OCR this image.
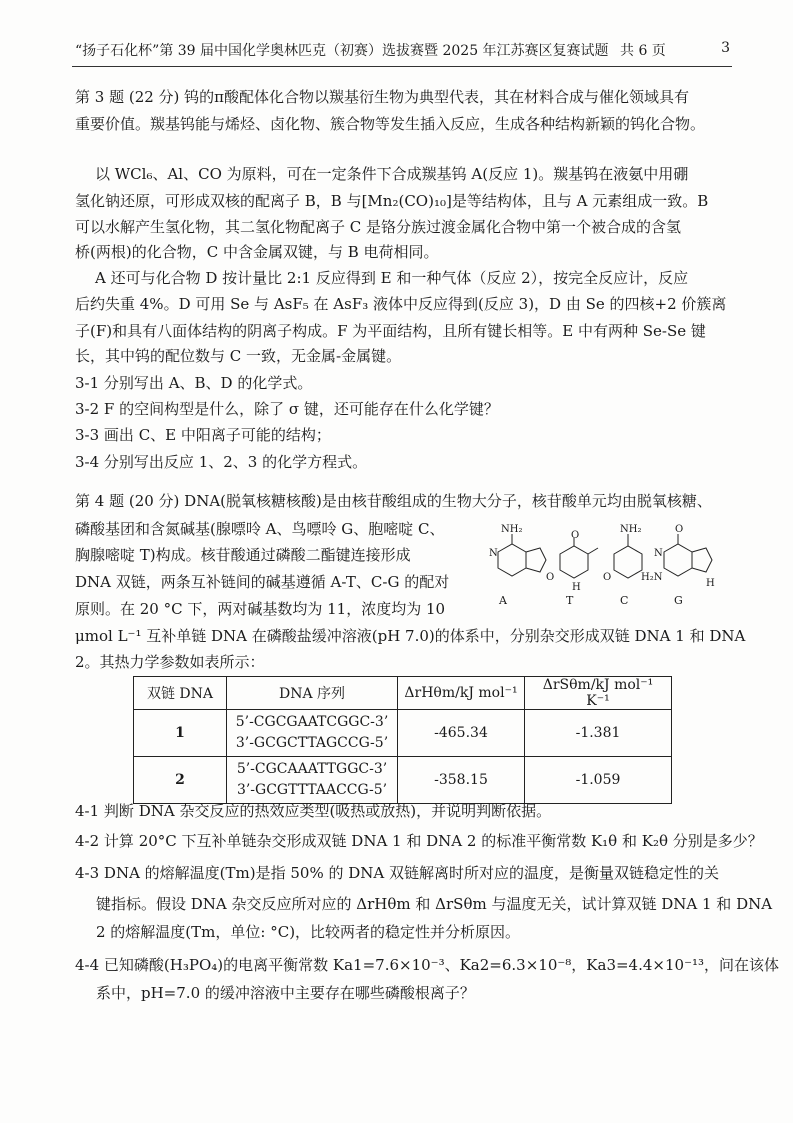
“扬子石化杯”第 39 届中国化学奥林匹克（初赛）选拔赛暨 2025 年江苏赛区复赛试题 共 6 页	3
第 3 题 (22 分) 钨的π酸配体化合物以羰基衍生物为典型代表，其在材料合成与催化领域具有
重要价值。羰基钨能与烯烃、卤化物、簇合物等发生插入反应，生成各种结构新颖的钨化合物。
以 WCl₆、Al、CO 为原料，可在一定条件下合成羰基钨 A(反应 1)。羰基钨在液氨中用硼
氢化钠还原，可形成双核的配离子 B，B 与[Mn₂(CO)₁₀]是等结构体，且与 A 元素组成一致。B
可以水解产生氢化物，其二氢化物配离子 C 是铬分族过渡金属化合物中第一个被合成的含氢
桥(两根)的化合物，C 中含金属双键，与 B 电荷相同。
A 还可与化合物 D 按计量比 2:1 反应得到 E 和一种气体（反应 2），按完全反应计，反应
后约失重 4%。D 可用 Se 与 AsF₅ 在 AsF₃ 液体中反应得到(反应 3)，D 由 Se 的四核+2 价簇离
子(F)和具有八面体结构的阴离子构成。F 为平面结构，且所有键长相等。E 中有两种 Se-Se 键
长，其中钨的配位数与 C 一致，无金属-金属键。
3-1 分别写出 A、B、D 的化学式。
3-2 F 的空间构型是什么，除了 σ 键，还可能存在什么化学键？
3-3 画出 C、E 中阳离子可能的结构；
3-4 分别写出反应 1、2、3 的化学方程式。
第 4 题 (20 分) DNA(脱氧核糖核酸)是由核苷酸组成的生物大分子，核苷酸单元均由脱氧核糖、
磷酸基团和含氮碱基(腺嘌呤 A、鸟嘌呤 G、胞嘧啶 C、
胸腺嘧啶 T)构成。核苷酸通过磷酸二酯键连接形成
DNA 双链，两条互补链间的碱基遵循 A-T、C-G 的配对
原则。在 20 °C 下，两对碱基数均为 11，浓度均为 10
μmol L⁻¹ 互补单链 DNA 在磷酸盐缓冲溶液(pH 7.0)的体系中，分别杂交形成双链 DNA 1 和 DNA
2。其热力学参数如表所示：
NH₂	NH₂
O
O
O	O
N	N
H	H
H₂N
A	T	C	G
双链 DNA	DNA 序列	ΔrHθm/kJ mol⁻¹	ΔrSθm/kJ mol⁻¹ K⁻¹
1	5’-CGCGAATCGGC-3’
3’-GCGCTTAGCCG-5’	-465.34	-1.381
2	5’-CGCAAATTGGC-3’
3’-GCGTTTAACCG-5’	-358.15	-1.059
4-1 判断 DNA 杂交反应的热效应类型(吸热或放热)，并说明判断依据。
4-2 计算 20°C 下互补单链杂交形成双链 DNA 1 和 DNA 2 的标准平衡常数 K₁θ 和 K₂θ 分别是多少？
4-3 DNA 的熔解温度(Tm)是指 50% 的 DNA 双链解离时所对应的温度，是衡量双链稳定性的关
键指标。假设 DNA 杂交反应所对应的 ΔrHθm 和 ΔrSθm 与温度无关，试计算双链 DNA 1 和 DNA
2 的熔解温度(Tm，单位: °C)，比较两者的稳定性并分析原因。
4-4 已知磷酸(H₃PO₄)的电离平衡常数 Ka1=7.6×10⁻³、Ka2=6.3×10⁻⁸，Ka3=4.4×10⁻¹³，问在该体
系中，pH=7.0 的缓冲溶液中主要存在哪些磷酸根离子？
